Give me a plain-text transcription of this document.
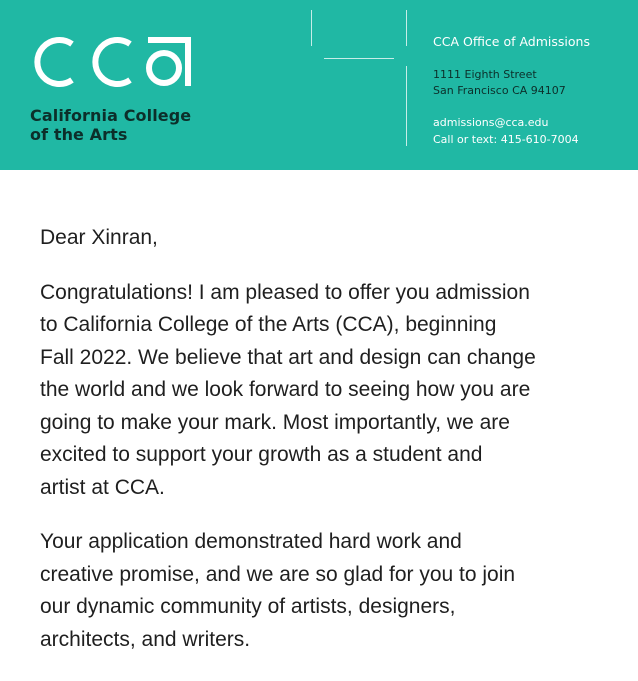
California College
of the Arts
CCA Office of Admissions
1111 Eighth Street
San Francisco CA 94107
admissions@cca.edu
Call or text: 415-610-7004

Dear Xinran,

Congratulations! I am pleased to offer you admission
to California College of the Arts (CCA), beginning
Fall 2022. We believe that art and design can change
the world and we look forward to seeing how you are
going to make your mark. Most importantly, we are
excited to support your growth as a student and
artist at CCA.

Your application demonstrated hard work and
creative promise, and we are so glad for you to join
our dynamic community of artists, designers,
architects, and writers.
